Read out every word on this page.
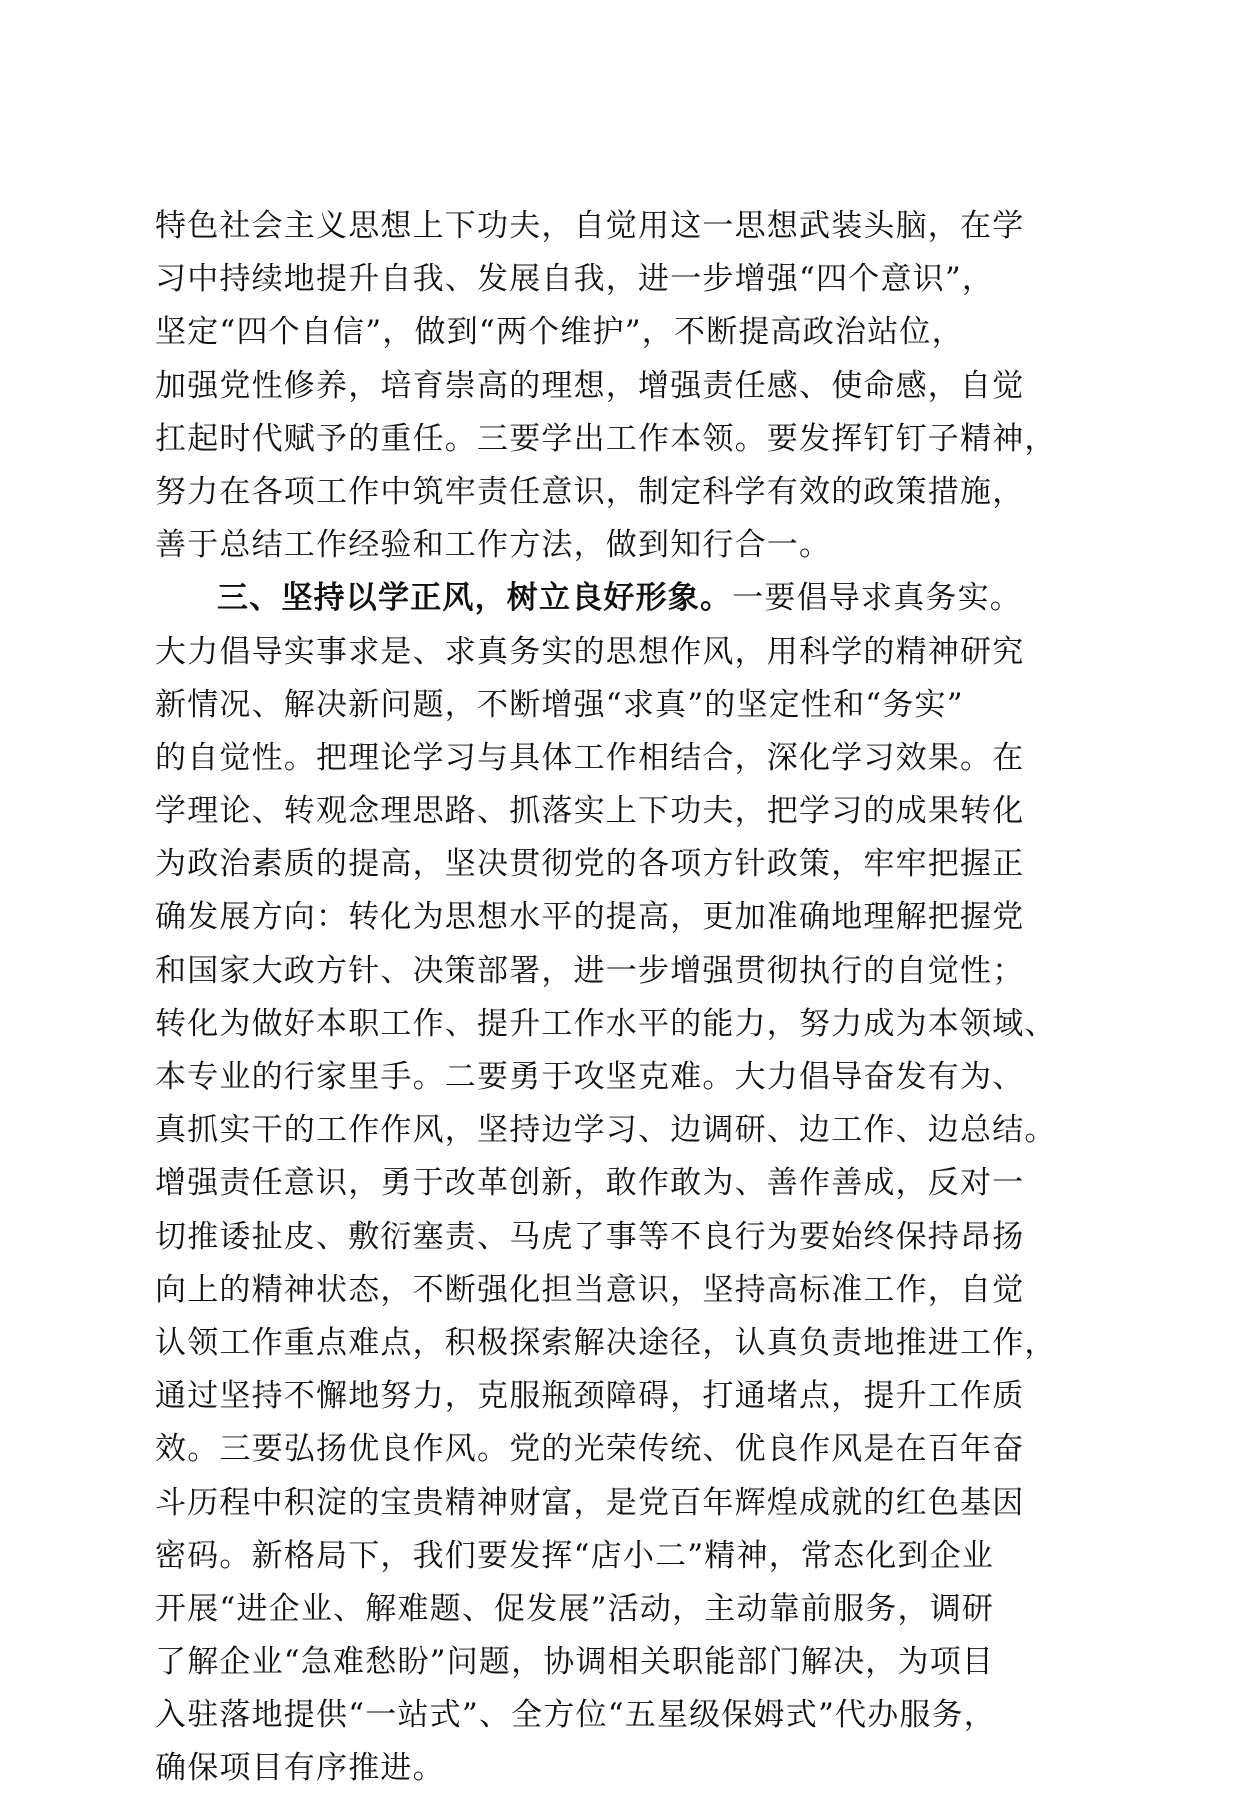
特色社会主义思想上下功夫，自觉用这一思想武装头脑，在学
习中持续地提升自我、发展自我，进一步增强“四个意识”，
坚定“四个自信”，做到“两个维护”，不断提高政治站位，
加强党性修养，培育崇高的理想，增强责任感、使命感，自觉
扛起时代赋予的重任。三要学出工作本领。要发挥钉钉子精神，
努力在各项工作中筑牢责任意识，制定科学有效的政策措施，
善于总结工作经验和工作方法，做到知行合一。
三、坚持以学正风，树立良好形象。一要倡导求真务实。
大力倡导实事求是、求真务实的思想作风，用科学的精神研究
新情况、解决新问题，不断增强“求真”的坚定性和“务实”
的自觉性。把理论学习与具体工作相结合，深化学习效果。在
学理论、转观念理思路、抓落实上下功夫，把学习的成果转化
为政治素质的提高，坚决贯彻党的各项方针政策，牢牢把握正
确发展方向：转化为思想水平的提高，更加准确地理解把握党
和国家大政方针、决策部署，进一步增强贯彻执行的自觉性；
转化为做好本职工作、提升工作水平的能力，努力成为本领域、
本专业的行家里手。二要勇于攻坚克难。大力倡导奋发有为、
真抓实干的工作作风，坚持边学习、边调研、边工作、边总结。
增强责任意识，勇于改革创新，敢作敢为、善作善成，反对一
切推诿扯皮、敷衍塞责、马虎了事等不良行为要始终保持昂扬
向上的精神状态，不断强化担当意识，坚持高标准工作，自觉
认领工作重点难点，积极探索解决途径，认真负责地推进工作，
通过坚持不懈地努力，克服瓶颈障碍，打通堵点，提升工作质
效。三要弘扬优良作风。党的光荣传统、优良作风是在百年奋
斗历程中积淀的宝贵精神财富，是党百年辉煌成就的红色基因
密码。新格局下，我们要发挥“店小二”精神，常态化到企业
开展“进企业、解难题、促发展”活动，主动靠前服务，调研
了解企业“急难愁盼”问题，协调相关职能部门解决，为项目
入驻落地提供“一站式”、全方位“五星级保姆式”代办服务，
确保项目有序推进。
